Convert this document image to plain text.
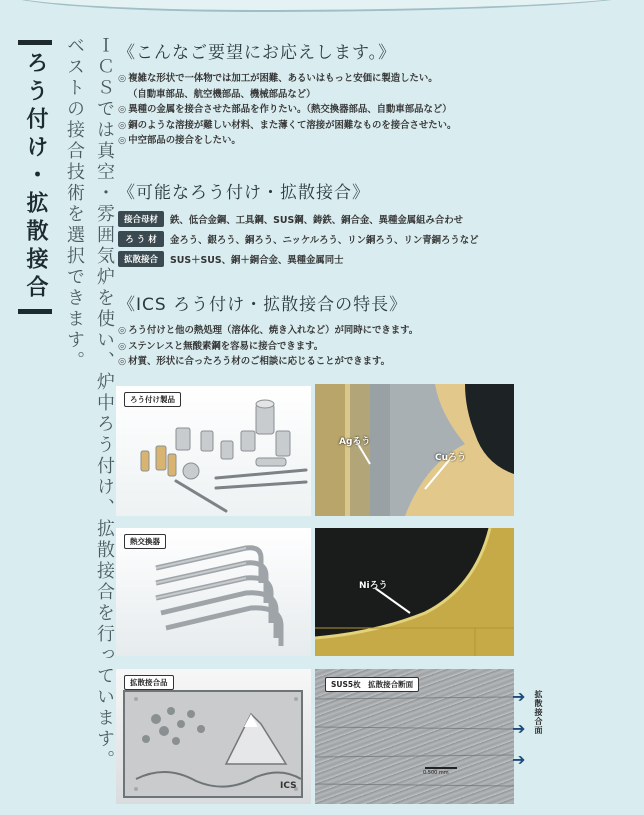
ろう付け・拡散接合	ＩＣＳでは真空・雰囲気炉を使い、炉中ろう付け、拡散接合を行っています。
ベストの接合技術を選択できます。 《こんなご要望にお応えします。》
◎ 複雑な形状で一体物では加工が困難、あるいはもっと安価に製造したい。
（自動車部品、航空機部品、機械部品など）
◎ 異種の金属を接合させた部品を作りたい。（熱交換器部品、自動車部品など）
◎ 銅のような溶接が難しい材料、また薄くて溶接が困難なものを接合させたい。
◎ 中空部品の接合をしたい。
《可能なろう付け・拡散接合》
接合母材	鉄、低合金鋼、工具鋼、SUS鋼、鋳鉄、銅合金、異種金属組み合わせ
ろ う 材	金ろう、銀ろう、銅ろう、ニッケルろう、リン銅ろう、リン青銅ろうなど
拡散接合	SUS＋SUS、銅＋銅合金、異種金属同士
《ICS ろう付け・拡散接合の特長》
◎ ろう付けと他の熱処理（溶体化、焼き入れなど）が同時にできます。
◎ ステンレスと無酸素鋼を容易に接合できます。
◎ 材質、形状に合ったろう材のご相談に応じることができます。
ろう付け製品
Agろう
Cuろう
熱交換器
Niろう
拡散接合品
ICS
SUS5枚　拡散接合断面
0.500 mm
➔
➔
➔
拡散接合面
